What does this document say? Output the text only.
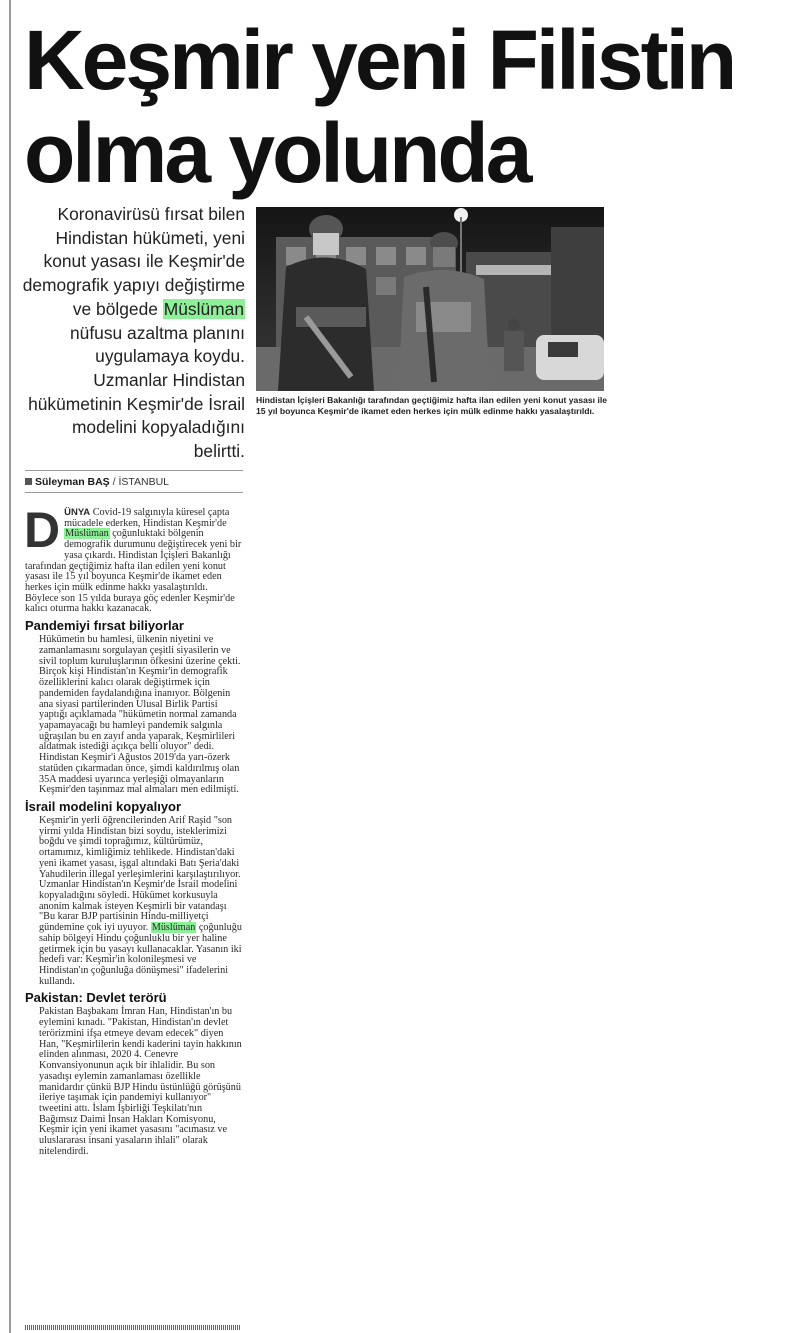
Keşmir yeni Filistin
olma yolunda
Koronavirüsü fırsat bilen Hindistan hükümeti, yeni konut yasası ile Keşmir'de demografik yapıyı değiştirme ve bölgede Müslüman nüfusu azaltma planını uygulamaya koydu. Uzmanlar Hindistan hükümetinin Keşmir'de İsrail modelini kopyaladığını belirtti.
Hindistan İçişleri Bakanlığı tarafından geçtiğimiz hafta ilan edilen yeni konut yasası ile 15 yıl boyunca Keşmir'de ikamet eden herkes için mülk edinme hakkı yasalaştırıldı.
Süleyman BAŞ / İSTANBUL

DÜNYA Covid-19 salgınıyla küresel çapta mücadele ederken, Hindistan Keşmir'de Müslüman çoğunluktaki bölgenin demografik durumunu değiştirecek yeni bir yasa çıkardı. Hindistan İçişleri Bakanlığı tarafından geçtiğimiz hafta ilan edilen yeni konut yasası ile 15 yıl boyunca Keşmir'de ikamet eden herkes için mülk edinme hakkı yasalaştırıldı. Böylece son 15 yılda buraya göç edenler Keşmir'de kalıcı oturma hakkı kazanacak.

Pandemiyi fırsat biliyorlar

Hükümetin bu hamlesi, ülkenin niyetini ve zamanlamasını sorgulayan çeşitli siyasilerin ve sivil toplum kuruluşlarının öfkesini üzerine çekti. Birçok kişi Hindistan'ın Keşmir'in demografik özelliklerini kalıcı olarak değiştirmek için pandemiden faydalandığına inanıyor. Bölgenin ana siyasi partilerinden Ulusal Birlik Partisi yaptığı açıklamada "hükümetin normal zamanda yapamayacağı bu hamleyi pandemik salgınla uğraşılan bu en zayıf anda yaparak, Keşmirlileri aldatmak istediği açıkça belli oluyor" dedi. Hindistan Keşmir'i Ağustos 2019'da yarı-özerk statüden çıkarmadan önce, şimdi kaldırılmış olan 35A maddesi uyarınca yerleşiği olmayanların Keşmir'den taşınmaz mal almaları men edilmişti.

İsrail modelini kopyalıyor

Keşmir'in yerli öğrencilerinden Arif Raşid "son yirmi yılda Hindistan bizi soydu, isteklerimizi boğdu ve şimdi toprağımız, kültürümüz, ortamımız, kimliğimiz tehlikede. Hindistan'daki yeni ikamet yasası, işgal altındaki Batı Şeria'daki Yahudilerin illegal yerleşimlerini karşılaştırılıyor. Uzmanlar Hindistan'ın Keşmir'de İsrail modelini kopyaladığını söyledi. Hükümet korkusuyla anonim kalmak isteyen Keşmirli bir vatandaşı "Bu karar BJP partisinin Hindu-milliyetçi gündemine çok iyi uyuyor. Müslüman çoğunluğu sahip bölgeyi Hindu çoğunluklu bir yer haline getirmek için bu yasayı kullanacaklar. Yasanın iki hedefi var: Keşmir'in kolonileşmesi ve Hindistan'ın çoğunluğa dönüşmesi" ifadelerini kullandı.

Pakistan: Devlet terörü

Pakistan Başbakanı İmran Han, Hindistan'ın bu eylemini kınadı. "Pakistan, Hindistan'ın devlet terörizmini ifşa etmeye devam edecek" diyen Han, "Keşmirlilerin kendi kaderini tayin hakkının elinden alınması, 2020 4. Cenevre Konvansiyonunun açık bir ihlalidir. Bu son yasadışı eylemin zamanlaması özellikle manidardır çünkü BJP Hindu üstünlüğü görüşünü ileriye taşımak için pandemiyi kullanıyor" tweetini attı. İslam İşbirliği Teşkilatı'nın Bağımsız Daimi İnsan Hakları Komisyonu, Keşmir için yeni ikamet yasasını "acımasız ve uluslararası insani yasaların ihlali" olarak nitelendirdi.
